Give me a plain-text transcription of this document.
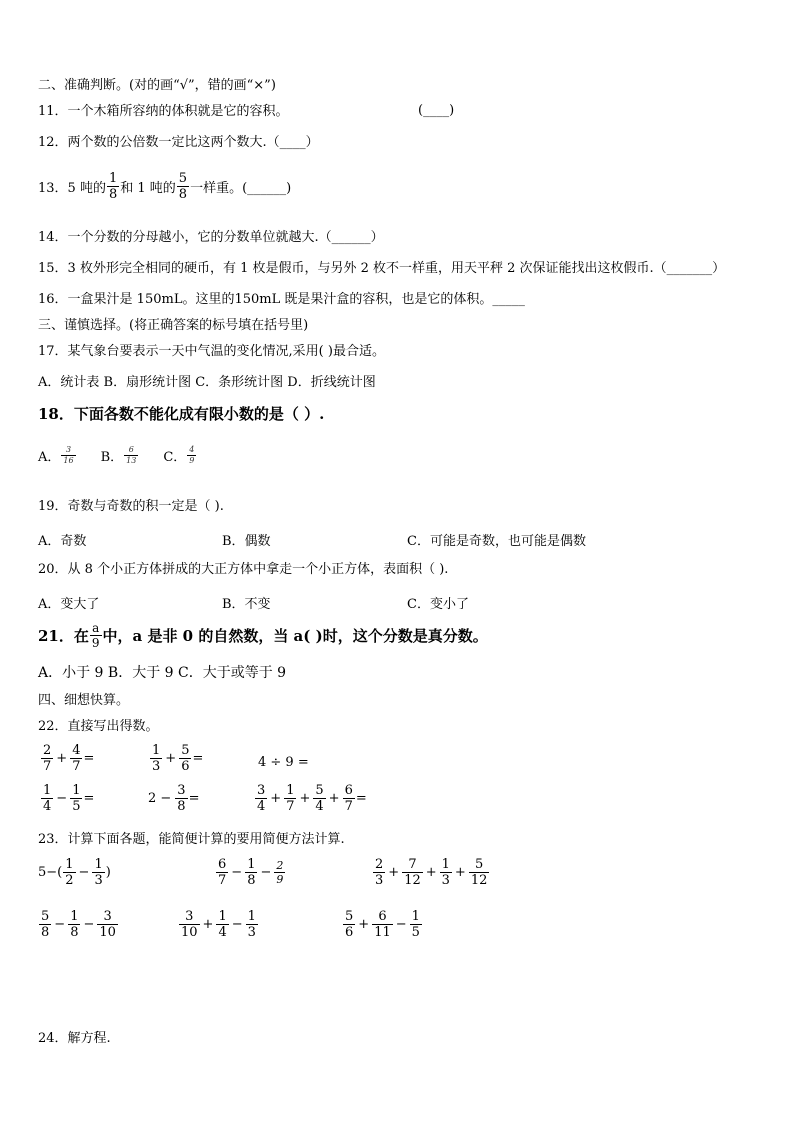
二、准确判断。(对的画“√”，错的画“×”)
11．一个木箱所容纳的体积就是它的容积。	(____)
12．两个数的公倍数一定比这两个数大.（____）
13．5 吨的 $\frac{1}{8}$ 和 1 吨的 $\frac{5}{8}$ 一样重。(______)
14．一个分数的分母越小，它的分数单位就越大.（______）
15．3 枚外形完全相同的硬币，有 1 枚是假币，与另外 2 枚不一样重，用天平秤 2 次保证能找出这枚假币.（_______）
16．一盒果汁是 150mL。这里的150mL 既是果汁盒的容积，也是它的体积。_____
三、谨慎选择。(将正确答案的标号填在括号里)
17．某气象台要表示一天中气温的变化情况,采用( )最合适。
A．统计表 B．扇形统计图 C．条形统计图 D．折线统计图
18．下面各数不能化成有限小数的是（ ）.
A． $\frac{3}{16}$ B． $\frac{6}{13}$ C． $\frac{4}{9}$
19．奇数与奇数的积一定是（ ).
A．奇数	B．偶数	C．可能是奇数，也可能是偶数
20．从 8 个小正方体拼成的大正方体中拿走一个小正方体，表面积（ ).
A．变大了	B．不变	C．变小了
21．在 $\frac{a}{9}$ 中，a 是非 0 的自然数，当 a( )时，这个分数是真分数。
A．小于 9 B．大于 9 C．大于或等于 9
四、细想快算。
22．直接写出得数。
$\frac{2}{7} + \frac{4}{7}$ =	$\frac{1}{3} + \frac{5}{6}$ =	4 ÷ 9 =
$\frac{1}{4} - \frac{1}{5}$ =	$2 - \frac{3}{8}$ =	$\frac{3}{4} + \frac{1}{7} + \frac{5}{4} + \frac{6}{7}$ =
23．计算下面各题，能简便计算的要用简便方法计算.
$5-( \frac{1}{2} - \frac{1}{3}$ )	$\frac{6}{7} - \frac{1}{8} - \frac{2}{9}$	$\frac{2}{3} + \frac{7}{12} + \frac{1}{3} + \frac{5}{12}$
$\frac{5}{8} - \frac{1}{8} - \frac{3}{10}$	$\frac{3}{10} + \frac{1}{4} - \frac{1}{3}$	$\frac{5}{6} + \frac{6}{11} - \frac{1}{5}$
24．解方程.
